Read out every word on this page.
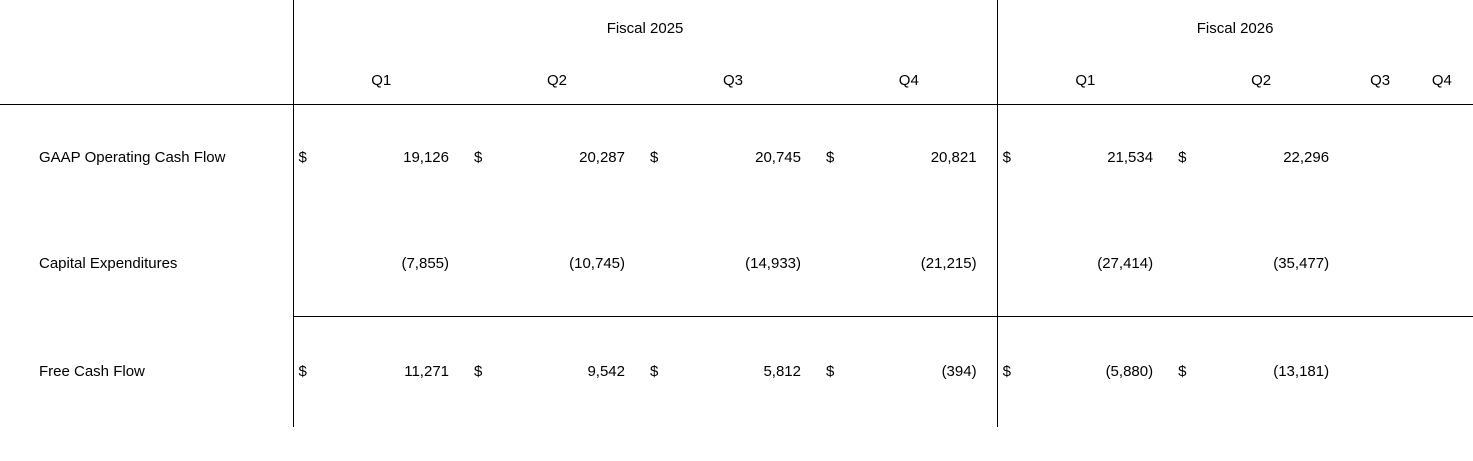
	Fiscal 2025								Fiscal 2026					
	Q1		Q2		Q3		Q4		Q1		Q2		Q3	Q4
GAAP Operating Cash Flow	$	19,126	$	20,287	$	20,745	$	20,821	$	21,534	$	22,296		
Capital Expenditures		(7,855)		(10,745)		(14,933)		(21,215)		(27,414)		(35,477)		
Free Cash Flow	$	11,271	$	9,542	$	5,812	$	(394)	$	(5,880)	$	(13,181)		
